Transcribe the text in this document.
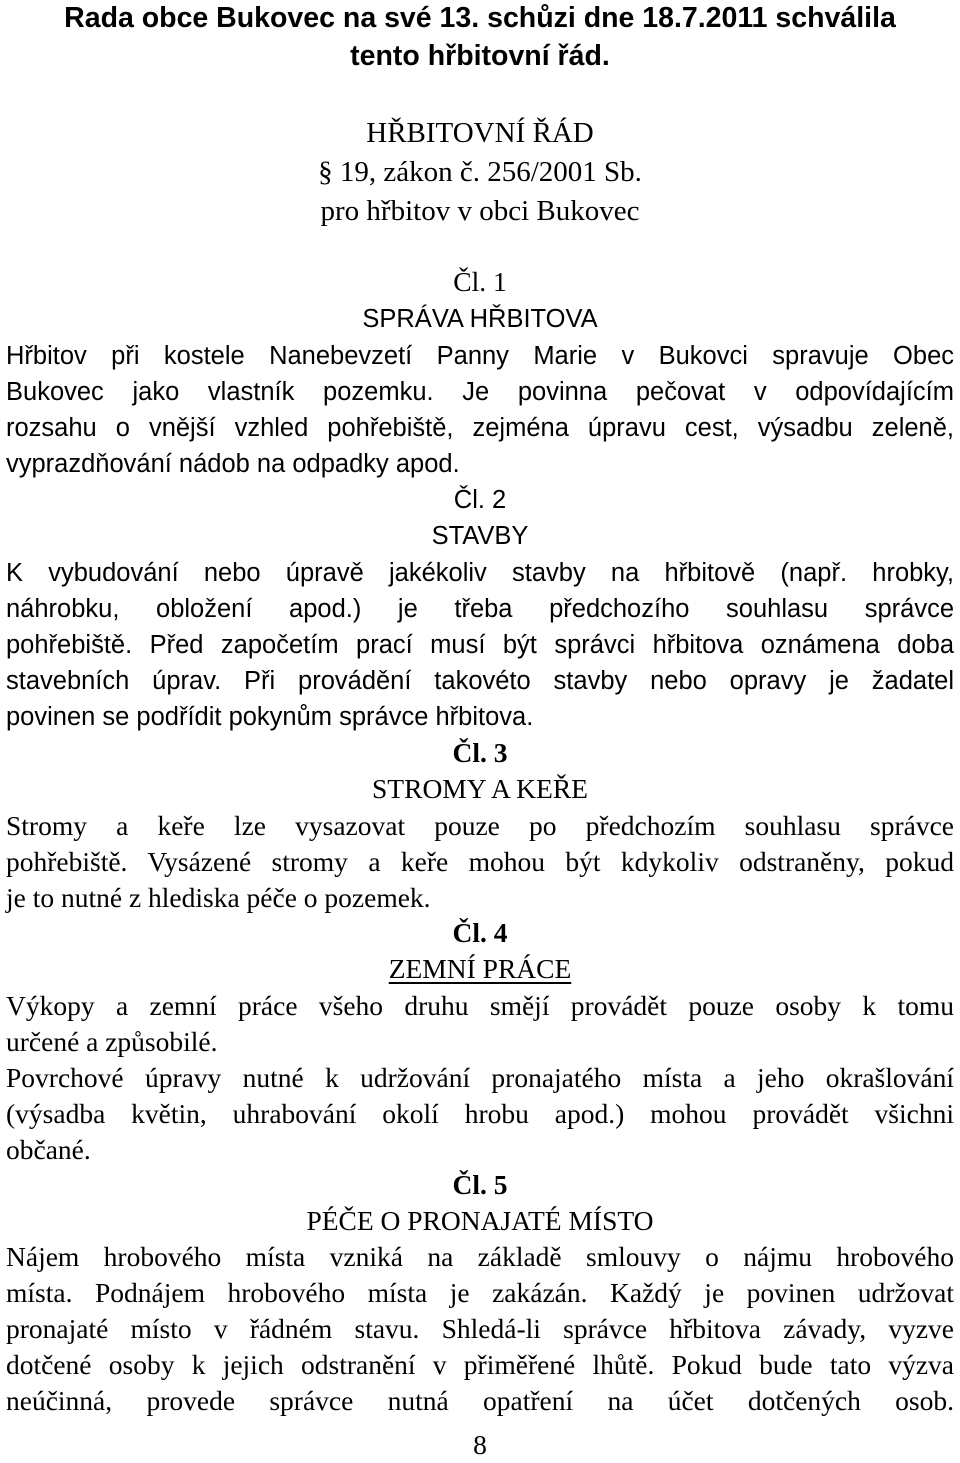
Rada obce Bukovec na své 13. schůzi dne 18.7.2011 schválila
tento hřbitovní řád.
HŘBITOVNÍ ŘÁD
§ 19, zákon č. 256/2001 Sb.
pro hřbitov v obci Bukovec
Čl. 1
SPRÁVA HŘBITOVA
Hřbitov při kostele Nanebevzetí Panny Marie v Bukovci spravuje Obec
Bukovec jako vlastník pozemku. Je povinna pečovat v odpovídajícím
rozsahu o vnější vzhled pohřebiště, zejména úpravu cest, výsadbu zeleně,
vyprazdňování nádob na odpadky apod.
Čl. 2
STAVBY
K vybudování nebo úpravě jakékoliv stavby na hřbitově (např. hrobky,
náhrobku, obložení apod.) je třeba předchozího souhlasu správce
pohřebiště. Před započetím prací musí být správci hřbitova oznámena doba
stavebních úprav. Při provádění takovéto stavby nebo opravy je žadatel
povinen se podřídit pokynům správce hřbitova.
Čl. 3
STROMY A KEŘE
Stromy a keře lze vysazovat pouze po předchozím souhlasu správce
pohřebiště. Vysázené stromy a keře mohou být kdykoliv odstraněny, pokud
je to nutné z hlediska péče o pozemek.
Čl. 4
ZEMNÍ PRÁCE
Výkopy a zemní práce všeho druhu smějí provádět pouze osoby k tomu
určené a způsobilé.
Povrchové úpravy nutné k udržování pronajatého místa a jeho okrašlování
(výsadba květin, uhrabování okolí hrobu apod.) mohou provádět všichni
občané.
Čl. 5
PÉČE O PRONAJATÉ MÍSTO
Nájem hrobového místa vzniká na základě smlouvy o nájmu hrobového
místa. Podnájem hrobového místa je zakázán. Každý je povinen udržovat
pronajaté místo v řádném stavu. Shledá-li správce hřbitova závady, vyzve
dotčené osoby k jejich odstranění v přiměřené lhůtě. Pokud bude tato výzva
neúčinná, provede správce nutná opatření na účet dotčených osob.
8
